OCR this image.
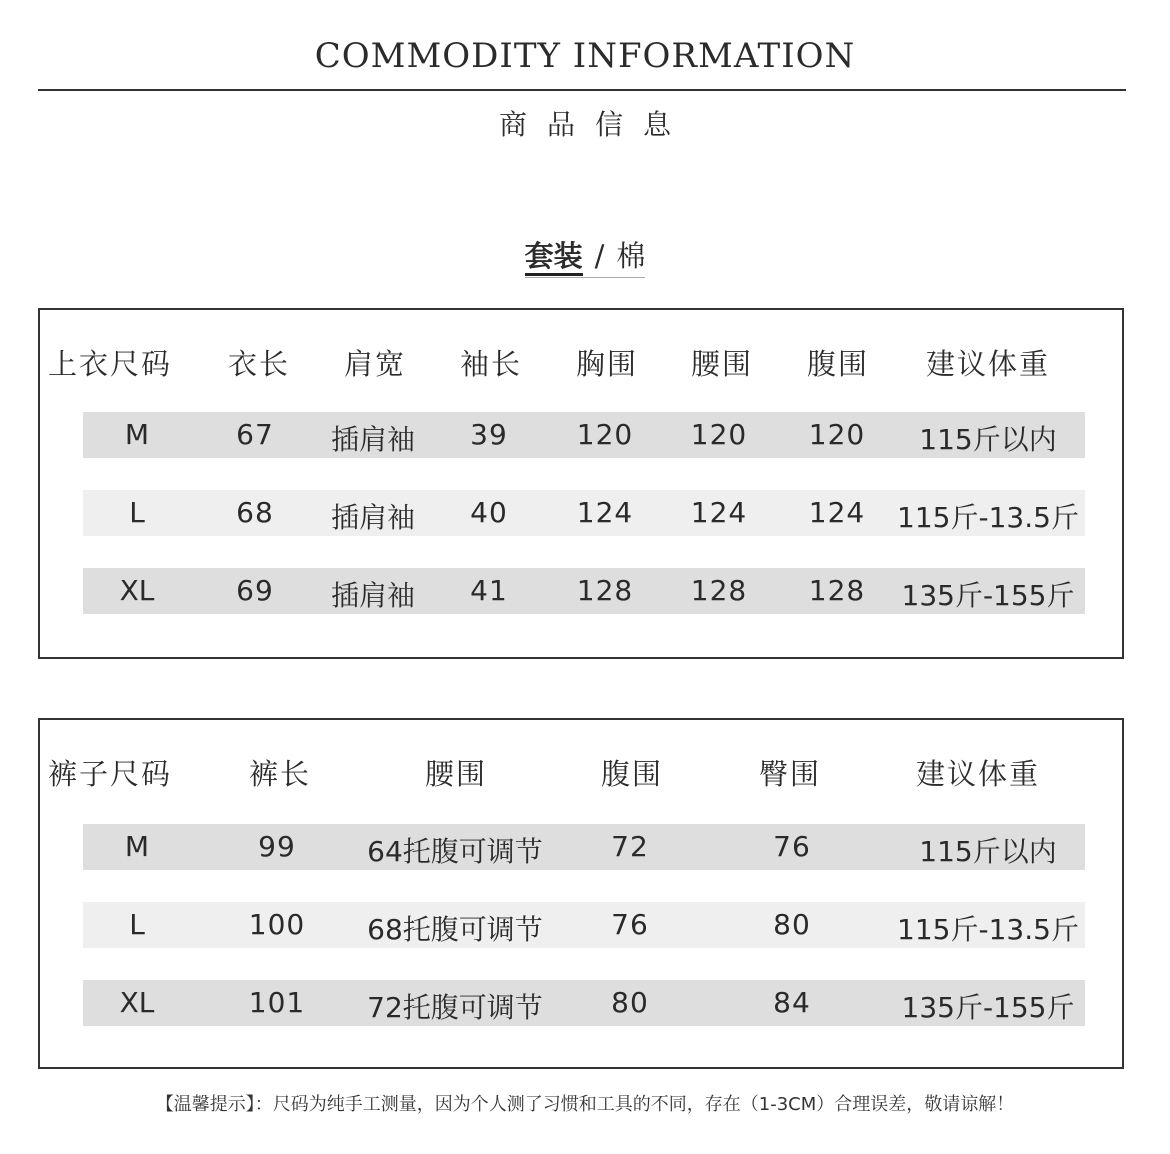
COMMODITY INFORMATION
商品信息
套装 / 棉
上衣尺码 衣长 肩宽 袖长 胸围 腰围 腹围 建议体重
M	67 插肩袖 39 120 120 120 115斤以内
L	68 插肩袖 40 124 124 124 115斤-13.5斤
XL	69 插肩袖 41 128 128 128 135斤-155斤
裤子尺码	裤长	腰围	腹围	臀围	建议体重
M	99	64托腹可调节 72	76	115斤以内
L	100 68托腹可调节 76	80	115斤-13.5斤
XL	101 72托腹可调节 80	84	135斤-155斤
【温馨提示】：尺码为纯手工测量，因为个人测了习惯和工具的不同，存在（1-3CM）合理误差，敬请谅解！
